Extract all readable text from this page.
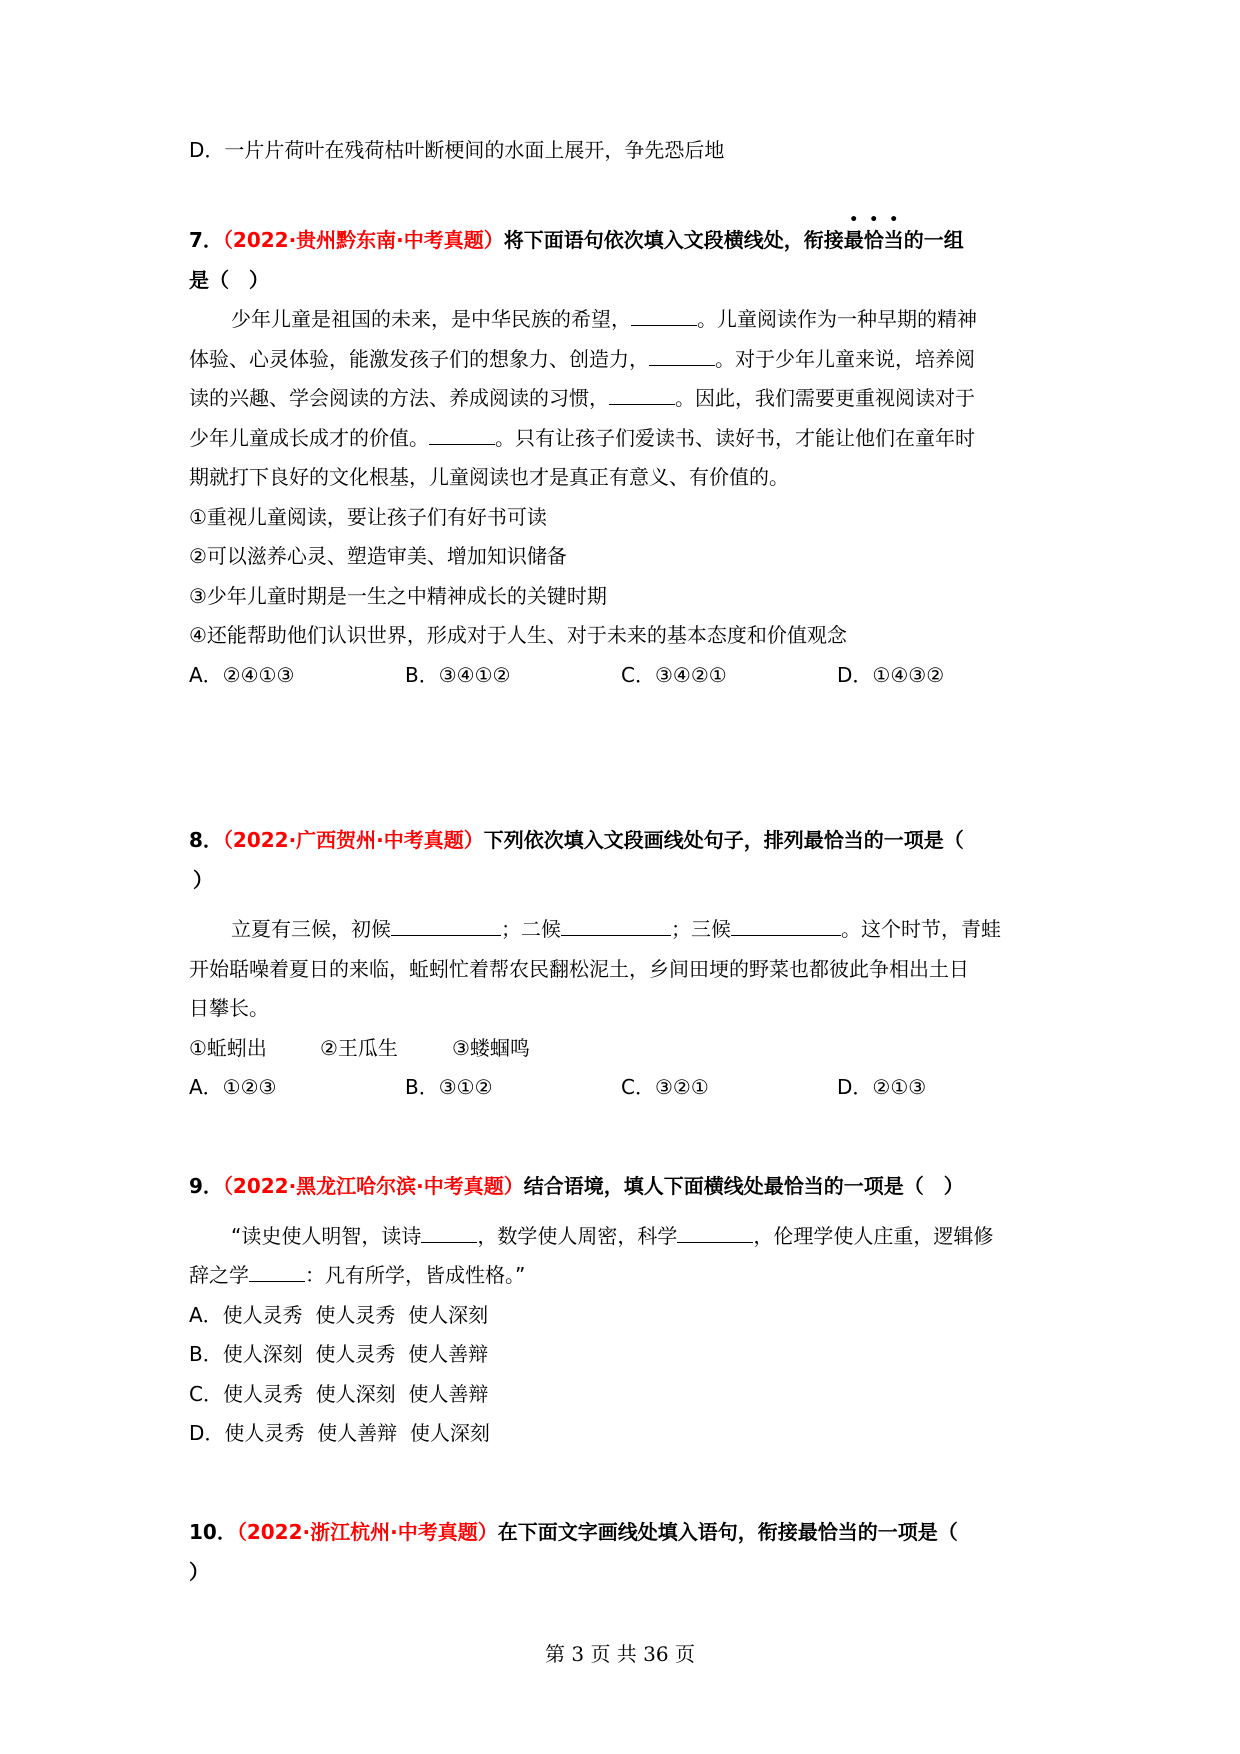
D．一片片荷叶在残荷枯叶断梗间的水面上展开，争先恐后地
7．（2022·贵州黔东南·中考真题）将下面语句依次填入文段横线处，衔接最
•
恰
•
当
•
的一组
是（　）
少年儿童是祖国的未来，是中华民族的希望，	。儿童阅读作为一种早期的精神
体验、心灵体验，能激发孩子们的想象力、创造力，	。对于少年儿童来说，培养阅
读的兴趣、学会阅读的方法、养成阅读的习惯，	。因此，我们需要更重视阅读对于
少年儿童成长成才的价值。	。只有让孩子们爱读书、读好书，才能让他们在童年时
期就打下良好的文化根基，儿童阅读也才是真正有意义、有价值的。
①重视儿童阅读，要让孩子们有好书可读
②可以滋养心灵、塑造审美、增加知识储备
③少年儿童时期是一生之中精神成长的关键时期
④还能帮助他们认识世界，形成对于人生、对于未来的基本态度和价值观念
A．②④①③	B．③④①②	C．③④②①	D．①④③②
8．（2022·广西贺州·中考真题）下列依次填入文段画线处句子，排列最恰当的一项是（
）
立夏有三候，初候	；二候	；三候	。这个时节，青蛙
开始聒噪着夏日的来临，蚯蚓忙着帮农民翻松泥土，乡间田埂的野菜也都彼此争相出土日
日攀长。
①蚯蚓出	②王瓜生	③蝼蝈鸣
A．①②③	B．③①②	C．③②①	D．②①③
9．（2022·黑龙江哈尔滨·中考真题）结合语境，填人下面横线处最恰当的一项是（　）
“读史使人明智，读诗	，数学使人周密，科学	，伦理学使人庄重，逻辑修
辞之学	：凡有所学，皆成性格。”
A．使人灵秀  使人灵秀  使人深刻
B．使人深刻  使人灵秀  使人善辩
C．使人灵秀  使人深刻  使人善辩
D．使人灵秀  使人善辩  使人深刻
10．（2022·浙江杭州·中考真题）在下面文字画线处填入语句，衔接最恰当的一项是（
）
第 3 页 共 36 页
